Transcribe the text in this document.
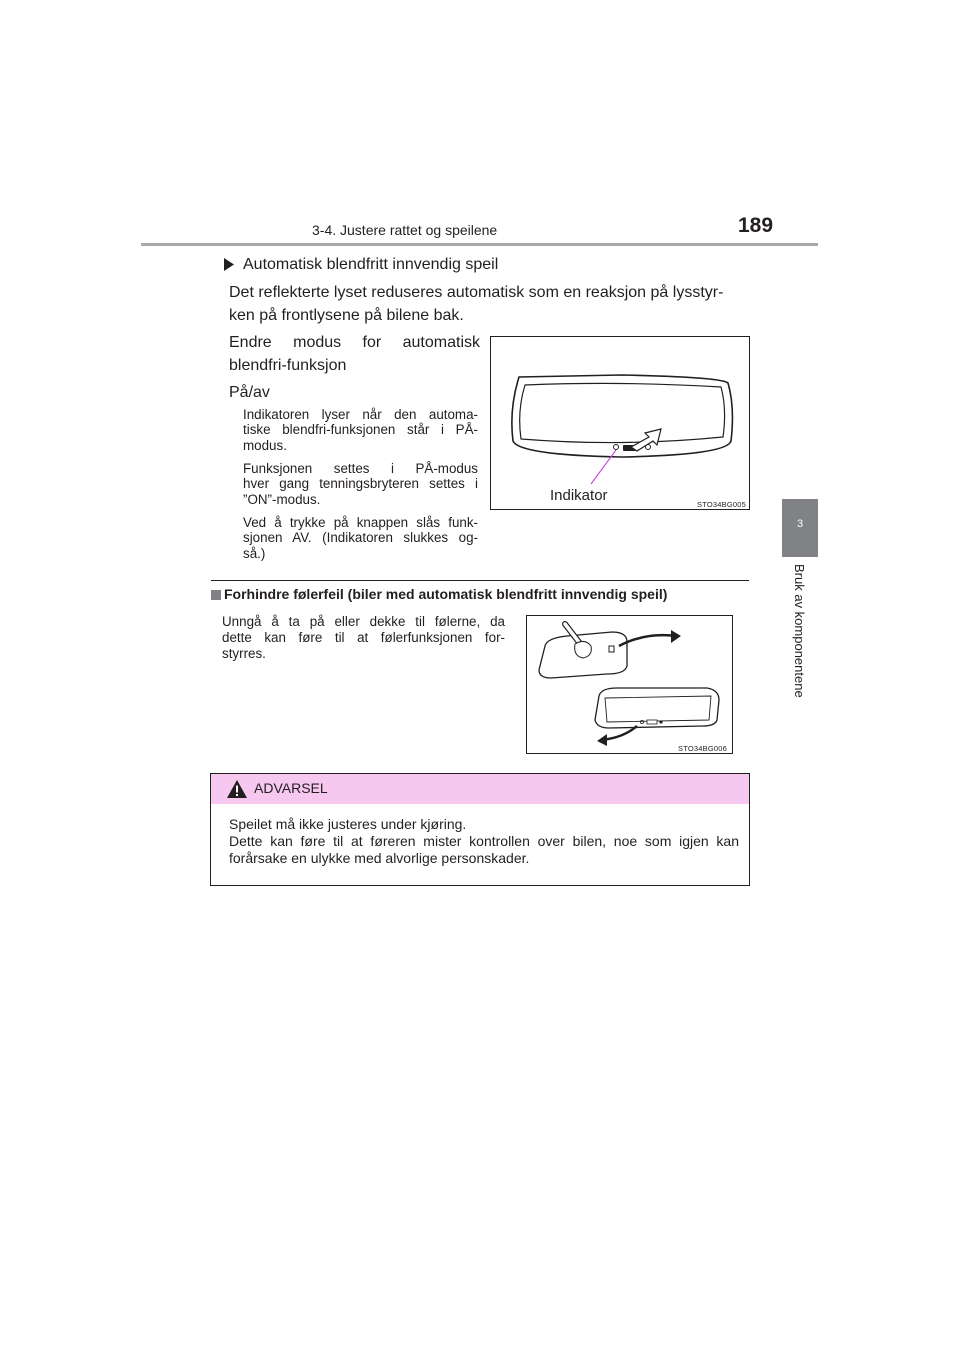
3-4. Justere rattet og speilene	189
3
Bruk av komponentene
Automatisk blendfritt innvendig speil
Det reflekterte lyset reduseres automatisk som en reaksjon på lysstyr-
ken på frontlysene på bilene bak.
Endre modus for automatisk
blendfri-funksjon
På/av
Indikatoren lyser når den automa-
tiske blendfri-funksjonen står i PÅ-
modus.
Funksjonen settes i PÅ-modus
hver gang tenningsbryteren settes i
”ON”-modus.
Ved å trykke på knappen slås funk-
sjonen AV. (Indikatoren slukkes og-
så.)
Indikator
STO34BG005
Forhindre følerfeil (biler med automatisk blendfritt innvendig speil)
Unngå å ta på eller dekke til følerne, da
dette kan føre til at følerfunksjonen for-
styrres.
STO34BG006
ADVARSEL
Speilet må ikke justeres under kjøring.
Dette kan føre til at føreren mister kontrollen over bilen, noe som igjen kan
forårsake en ulykke med alvorlige personskader.
